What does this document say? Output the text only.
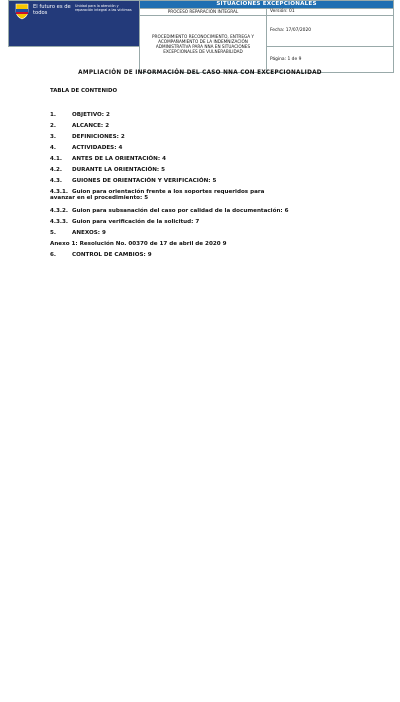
El futuro es de todos
Unidad para la atención y reparación integral a las víctimas	SITUACIONES EXCEPCIONALES	
	PROCESO REPARACIÓN INTEGRAL	Versión: 01
	PROCEDIMIENTO RECONOCIMIENTO, ENTREGA Y ACOMPAÑAMIENTO DE LA INDEMNIZACIÓN ADMINISTRATIVA PARA NNA EN SITUACIONES EXCEPCIONALES DE VULNERABILIDAD	Fecha: 17/07/2020
		Página: 1 de 9
AMPLIACIÓN DE INFORMACIÓN DEL CASO NNA CON EXCEPCIONALIDAD
TABLA DE CONTENIDO
1.	OBJETIVO: 2
2.	ALCANCE: 2
3.	DEFINICIONES: 2
4.	ACTIVIDADES: 4
4.1.	ANTES DE LA ORIENTACIÓN: 4
4.2.	DURANTE LA ORIENTACIÓN: 5
4.3.	GUIONES DE ORIENTACIÓN Y VERIFICACIÓN: 5
4.3.1. Guion para orientación frente a los soportes requeridos para
avanzar en el procedimiento: 5
4.3.2. Guion para subsanación del caso por calidad de la documentación: 6
4.3.3. Guion para verificación de la solicitud: 7
5.	ANEXOS: 9
Anexo 1: Resolución No. 00370 de 17 de abril de 2020 9
6.	CONTROL DE CAMBIOS: 9
